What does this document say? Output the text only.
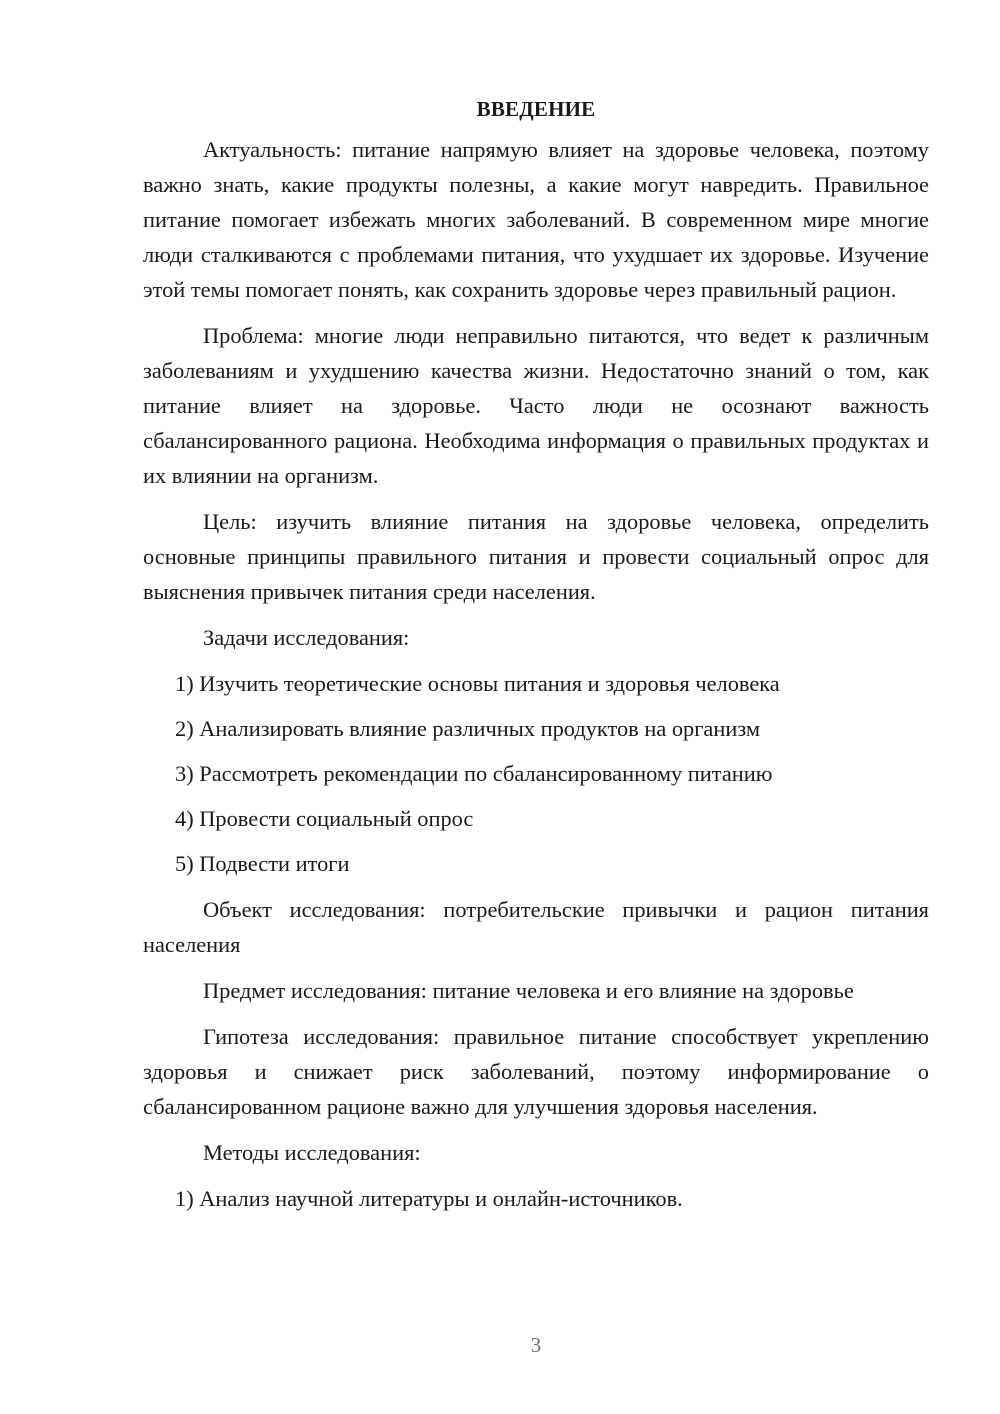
ВВЕДЕНИЕ

Актуальность: питание напрямую влияет на здоровье человека, поэтому важно знать, какие продукты полезны, а какие могут навредить. Правильное питание помогает избежать многих заболеваний. В современном мире многие люди сталкиваются с проблемами питания, что ухудшает их здоровье. Изучение этой темы помогает понять, как сохранить здоровье через правильный рацион.

Проблема: многие люди неправильно питаются, что ведет к различным заболеваниям и ухудшению качества жизни. Недостаточно знаний о том, как питание влияет на здоровье. Часто люди не осознают важность сбалансированного рациона. Необходима информация о правильных продуктах и их влиянии на организм.

Цель: изучить влияние питания на здоровье человека, определить основные принципы правильного питания и провести социальный опрос для выяснения привычек питания среди населения.

Задачи исследования:

1) Изучить теоретические основы питания и здоровья человека
2) Анализировать влияние различных продуктов на организм
3) Рассмотреть рекомендации по сбалансированному питанию
4) Провести социальный опрос
5) Подвести итоги

Объект исследования: потребительские привычки и рацион питания населения

Предмет исследования: питание человека и его влияние на здоровье

Гипотеза исследования: правильное питание способствует укреплению здоровья и снижает риск заболеваний, поэтому информирование о сбалансированном рационе важно для улучшения здоровья населения.

Методы исследования:

1) Анализ научной литературы и онлайн-источников.
3
